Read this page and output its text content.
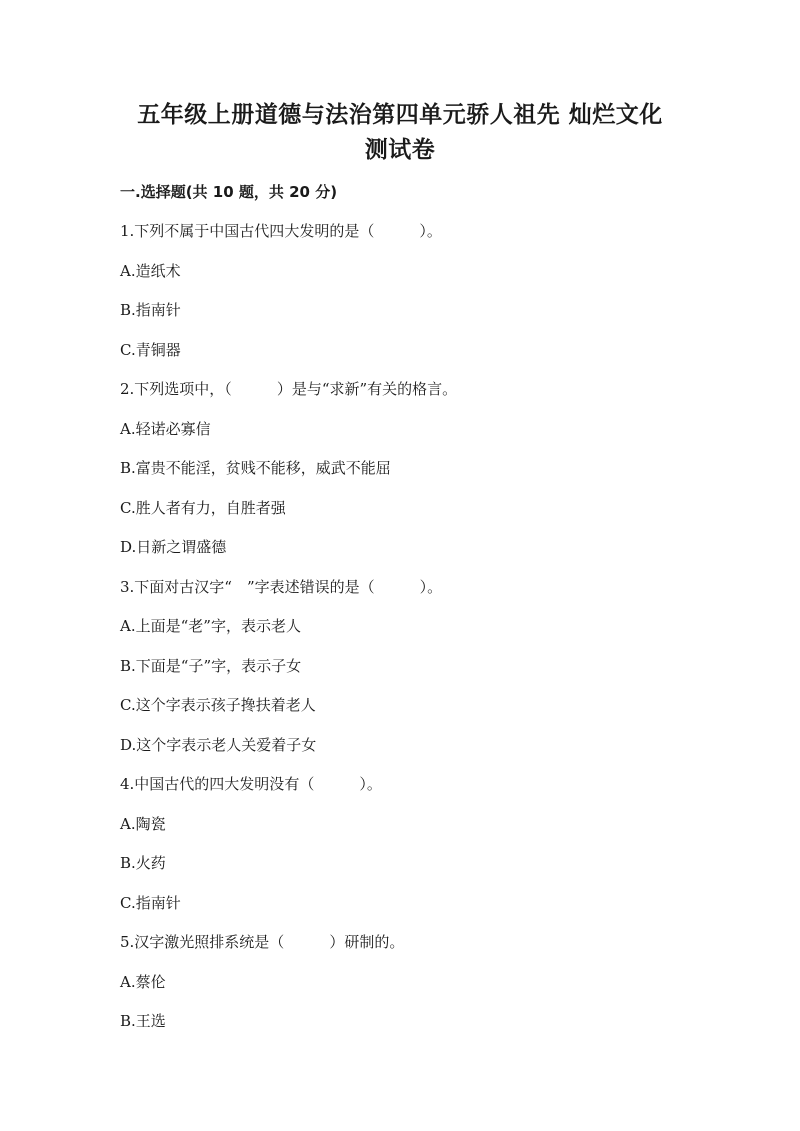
五年级上册道德与法治第四单元骄人祖先 灿烂文化
测试卷
一.选择题(共 10 题，共 20 分)

1.下列不属于中国古代四大发明的是（　　　）。

A.造纸术

B.指南针

C.青铜器

2.下列选项中，（　　　）是与“求新”有关的格言。

A.轻诺必寡信

B.富贵不能淫，贫贱不能移，威武不能屈

C.胜人者有力，自胜者强

D.日新之谓盛德

3.下面对古汉字“　”字表述错误的是（　　　）。

A.上面是“老”字，表示老人

B.下面是“子”字，表示子女

C.这个字表示孩子搀扶着老人

D.这个字表示老人关爱着子女

4.中国古代的四大发明没有（　　　）。

A.陶瓷

B.火药

C.指南针

5.汉字激光照排系统是（　　　）研制的。

A.蔡伦

B.王选
